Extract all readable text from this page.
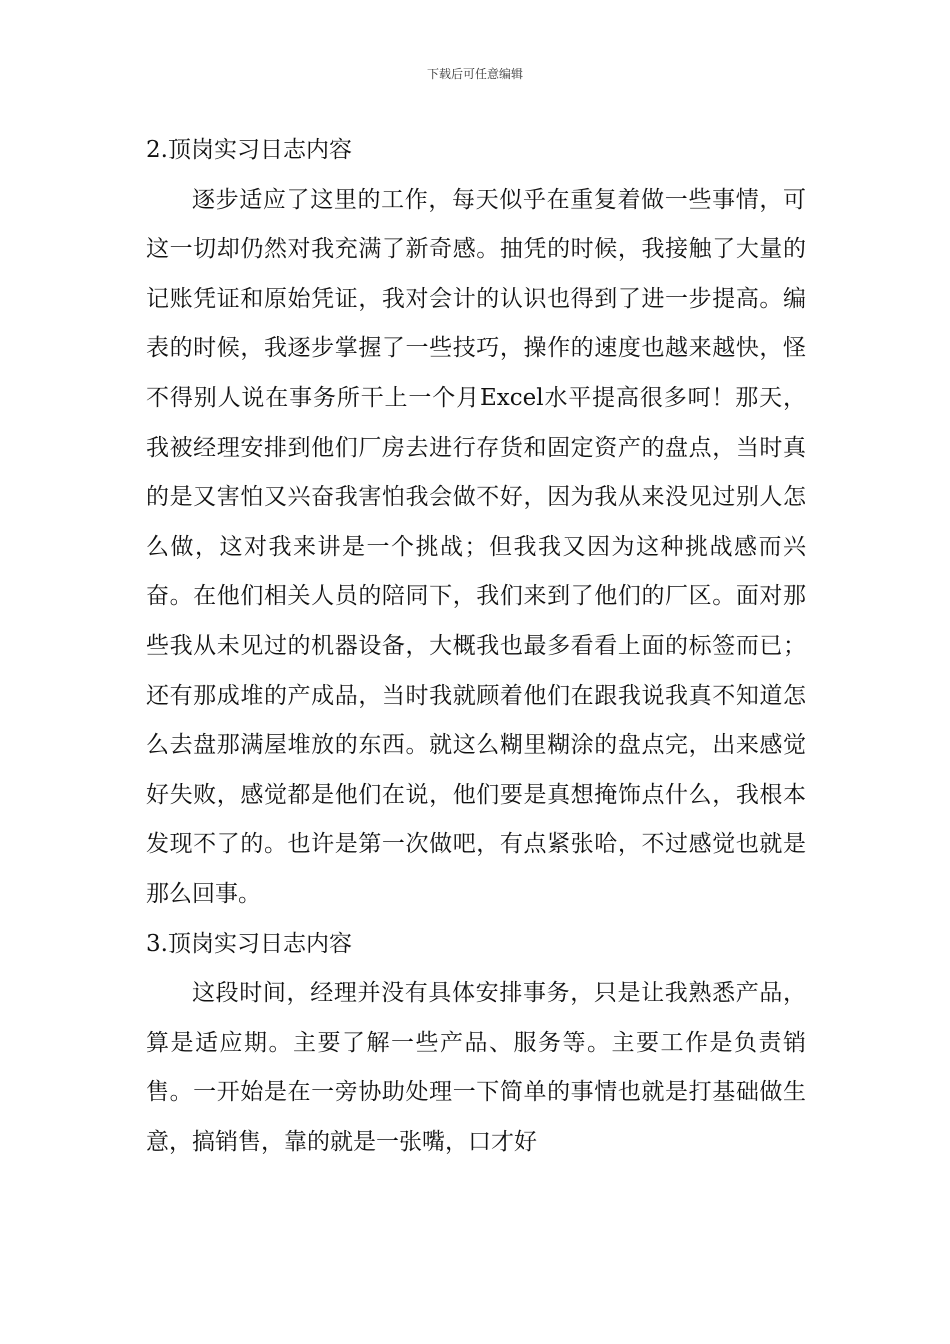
下载后可任意编辑
2.顶岗实习日志内容

逐步适应了这里的工作，每天似乎在重复着做一些事情，可这一切却仍然对我充满了新奇感。抽凭的时候，我接触了大量的记账凭证和原始凭证，我对会计的认识也得到了进一步提高。编表的时候，我逐步掌握了一些技巧，操作的速度也越来越快，怪不得别人说在事务所干上一个月Excel水平提高很多呵！那天，我被经理安排到他们厂房去进行存货和固定资产的盘点，当时真的是又害怕又兴奋我害怕我会做不好，因为我从来没见过别人怎么做，这对我来讲是一个挑战；但我我又因为这种挑战感而兴奋。在他们相关人员的陪同下，我们来到了他们的厂区。面对那些我从未见过的机器设备，大概我也最多看看上面的标签而已；还有那成堆的产成品，当时我就顾着他们在跟我说我真不知道怎么去盘那满屋堆放的东西。就这么糊里糊涂的盘点完，出来感觉好失败，感觉都是他们在说，他们要是真想掩饰点什么，我根本发现不了的。也许是第一次做吧，有点紧张哈，不过感觉也就是那么回事。

3.顶岗实习日志内容

这段时间，经理并没有具体安排事务，只是让我熟悉产品，算是适应期。主要了解一些产品、服务等。主要工作是负责销售。一开始是在一旁协助处理一下简单的事情也就是打基础做生意，搞销售，靠的就是一张嘴，口才好
